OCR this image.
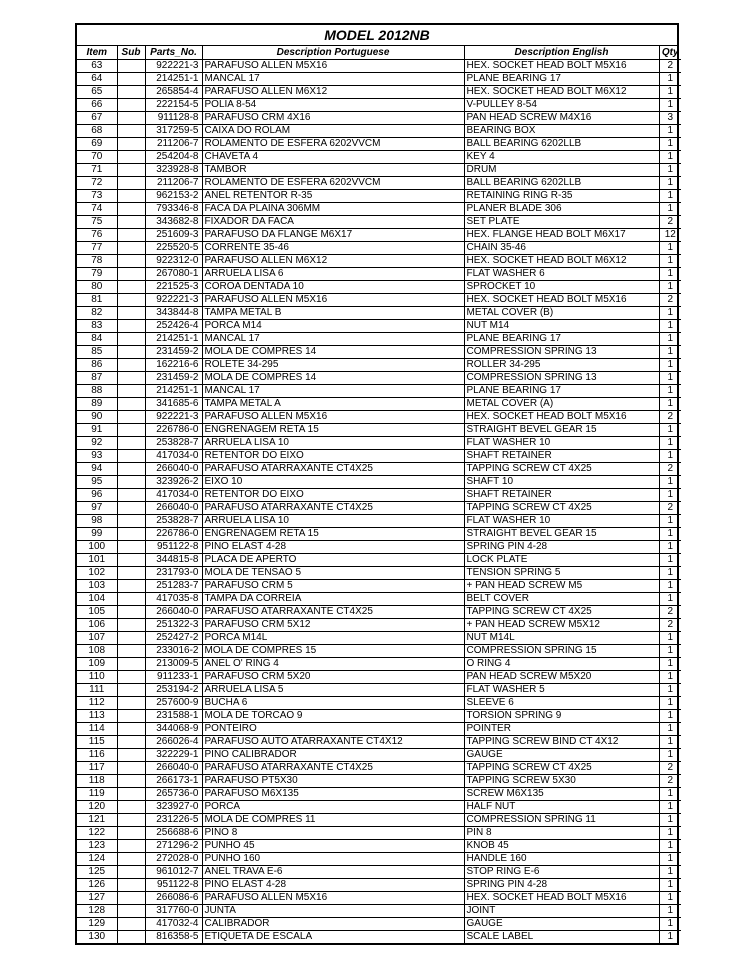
MODEL 2012NB
Item	Sub	Parts_No.	Description Portuguese	Description English	Qty
63		922221-3	PARAFUSO ALLEN M5X16	HEX. SOCKET HEAD BOLT M5X16	2
64		214251-1	MANCAL 17	PLANE BEARING 17	1
65		265854-4	PARAFUSO ALLEN M6X12	HEX. SOCKET HEAD BOLT M6X12	1
66		222154-5	POLIA 8-54	V-PULLEY 8-54	1
67		911128-8	PARAFUSO CRM 4X16	PAN HEAD SCREW M4X16	3
68		317259-5	CAIXA DO ROLAM	BEARING BOX	1
69		211206-7	ROLAMENTO DE ESFERA 6202VVCM	BALL BEARING 6202LLB	1
70		254204-8	CHAVETA 4	KEY 4	1
71		323928-8	TAMBOR	DRUM	1
72		211206-7	ROLAMENTO DE ESFERA 6202VVCM	BALL BEARING 6202LLB	1
73		962153-2	ANEL RETENTOR R-35	RETAINING RING R-35	1
74		793346-8	FACA DA PLAINA 306MM	PLANER BLADE 306	1
75		343682-8	FIXADOR DA FACA	SET PLATE	2
76		251609-3	PARAFUSO DA FLANGE M6X17	HEX. FLANGE HEAD BOLT M6X17	12
77		225520-5	CORRENTE 35-46	CHAIN 35-46	1
78		922312-0	PARAFUSO ALLEN M6X12	HEX. SOCKET HEAD BOLT M6X12	1
79		267080-1	ARRUELA LISA 6	FLAT WASHER 6	1
80		221525-3	COROA DENTADA 10	SPROCKET 10	1
81		922221-3	PARAFUSO ALLEN M5X16	HEX. SOCKET HEAD BOLT M5X16	2
82		343844-8	TAMPA METAL B	METAL COVER (B)	1
83		252426-4	PORCA M14	NUT M14	1
84		214251-1	MANCAL 17	PLANE BEARING 17	1
85		231459-2	MOLA DE COMPRES 14	COMPRESSION SPRING 13	1
86		162216-6	ROLETE 34-295	ROLLER 34-295	1
87		231459-2	MOLA DE COMPRES 14	COMPRESSION SPRING 13	1
88		214251-1	MANCAL 17	PLANE BEARING 17	1
89		341685-6	TAMPA METAL A	METAL COVER (A)	1
90		922221-3	PARAFUSO ALLEN M5X16	HEX. SOCKET HEAD BOLT M5X16	2
91		226786-0	ENGRENAGEM RETA 15	STRAIGHT BEVEL GEAR 15	1
92		253828-7	ARRUELA LISA 10	FLAT WASHER 10	1
93		417034-0	RETENTOR DO EIXO	SHAFT RETAINER	1
94		266040-0	PARAFUSO ATARRAXANTE CT4X25	TAPPING SCREW CT 4X25	2
95		323926-2	EIXO 10	SHAFT 10	1
96		417034-0	RETENTOR DO EIXO	SHAFT RETAINER	1
97		266040-0	PARAFUSO ATARRAXANTE CT4X25	TAPPING SCREW CT 4X25	2
98		253828-7	ARRUELA LISA 10	FLAT WASHER 10	1
99		226786-0	ENGRENAGEM RETA 15	STRAIGHT BEVEL GEAR 15	1
100		951122-8	PINO ELAST 4-28	SPRING PIN 4-28	1
101		344815-8	PLACA DE APERTO	LOCK PLATE	1
102		231793-0	MOLA DE TENSAO 5	TENSION SPRING 5	1
103		251283-7	PARAFUSO CRM 5	+ PAN HEAD SCREW M5	1
104		417035-8	TAMPA DA CORREIA	BELT COVER	1
105		266040-0	PARAFUSO ATARRAXANTE CT4X25	TAPPING SCREW CT 4X25	2
106		251322-3	PARAFUSO CRM 5X12	+ PAN HEAD SCREW M5X12	2
107		252427-2	PORCA M14L	NUT M14L	1
108		233016-2	MOLA DE COMPRES 15	COMPRESSION SPRING 15	1
109		213009-5	ANEL O' RING 4	O RING 4	1
110		911233-1	PARAFUSO CRM 5X20	PAN HEAD SCREW M5X20	1
111		253194-2	ARRUELA LISA 5	FLAT WASHER 5	1
112		257600-9	BUCHA 6	SLEEVE 6	1
113		231588-1	MOLA DE TORCAO 9	TORSION SPRING 9	1
114		344068-9	PONTEIRO	POINTER	1
115		266026-4	PARAFUSO AUTO ATARRAXANTE CT4X12	TAPPING SCREW BIND CT 4X12	1
116		322229-1	PINO CALIBRADOR	GAUGE	1
117		266040-0	PARAFUSO ATARRAXANTE CT4X25	TAPPING SCREW CT 4X25	2
118		266173-1	PARAFUSO PT5X30	TAPPING SCREW 5X30	2
119		265736-0	PARAFUSO M6X135	SCREW M6X135	1
120		323927-0	PORCA	HALF NUT	1
121		231226-5	MOLA DE COMPRES 11	COMPRESSION SPRING 11	1
122		256688-6	PINO 8	PIN 8	1
123		271296-2	PUNHO 45	KNOB 45	1
124		272028-0	PUNHO 160	HANDLE 160	1
125		961012-7	ANEL TRAVA E-6	STOP RING E-6	1
126		951122-8	PINO ELAST 4-28	SPRING PIN 4-28	1
127		266086-6	PARAFUSO ALLEN M5X16	HEX. SOCKET HEAD BOLT M5X16	1
128		317760-0	JUNTA	JOINT	1
129		417032-4	CALIBRADOR	GAUGE	1
130		816358-5	ETIQUETA DE ESCALA	SCALE LABEL	1
